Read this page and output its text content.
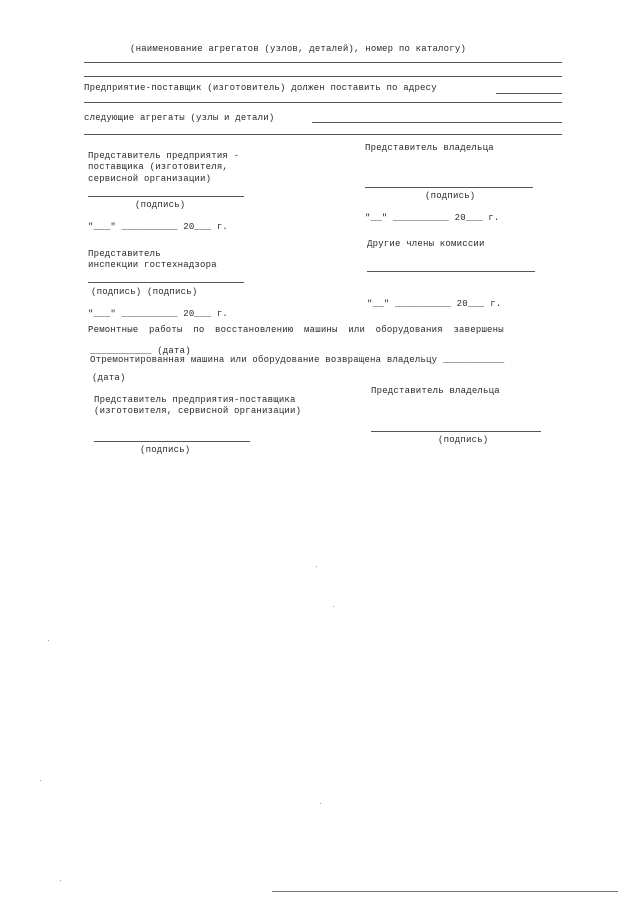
(наименование агрегатов (узлов, деталей), номер по каталогу)
Предприятие-поставщик (изготовитель) должен поставить по адресу
следующие агрегаты (узлы и детали)
Представитель предприятия -
поставщика (изготовителя,
сервисной организации)
Представитель владельца
(подпись)
(подпись)
"__" __________ 20___ г.
"___" __________ 20___ г.
Представитель
инспекции гостехнадзора
Другие члены комиссии
(подпись) (подпись)
"__" __________ 20___ г.
"___" __________ 20___ г.
Ремонтные работы по восстановлению машины или оборудования завершены
___________ (дата)
Отремонтированная машина или оборудование возвращена владельцу ___________
(дата)
Представитель предприятия-поставщика
(изготовителя, сервисной организации)
Представитель владельца
(подпись)
(подпись)
